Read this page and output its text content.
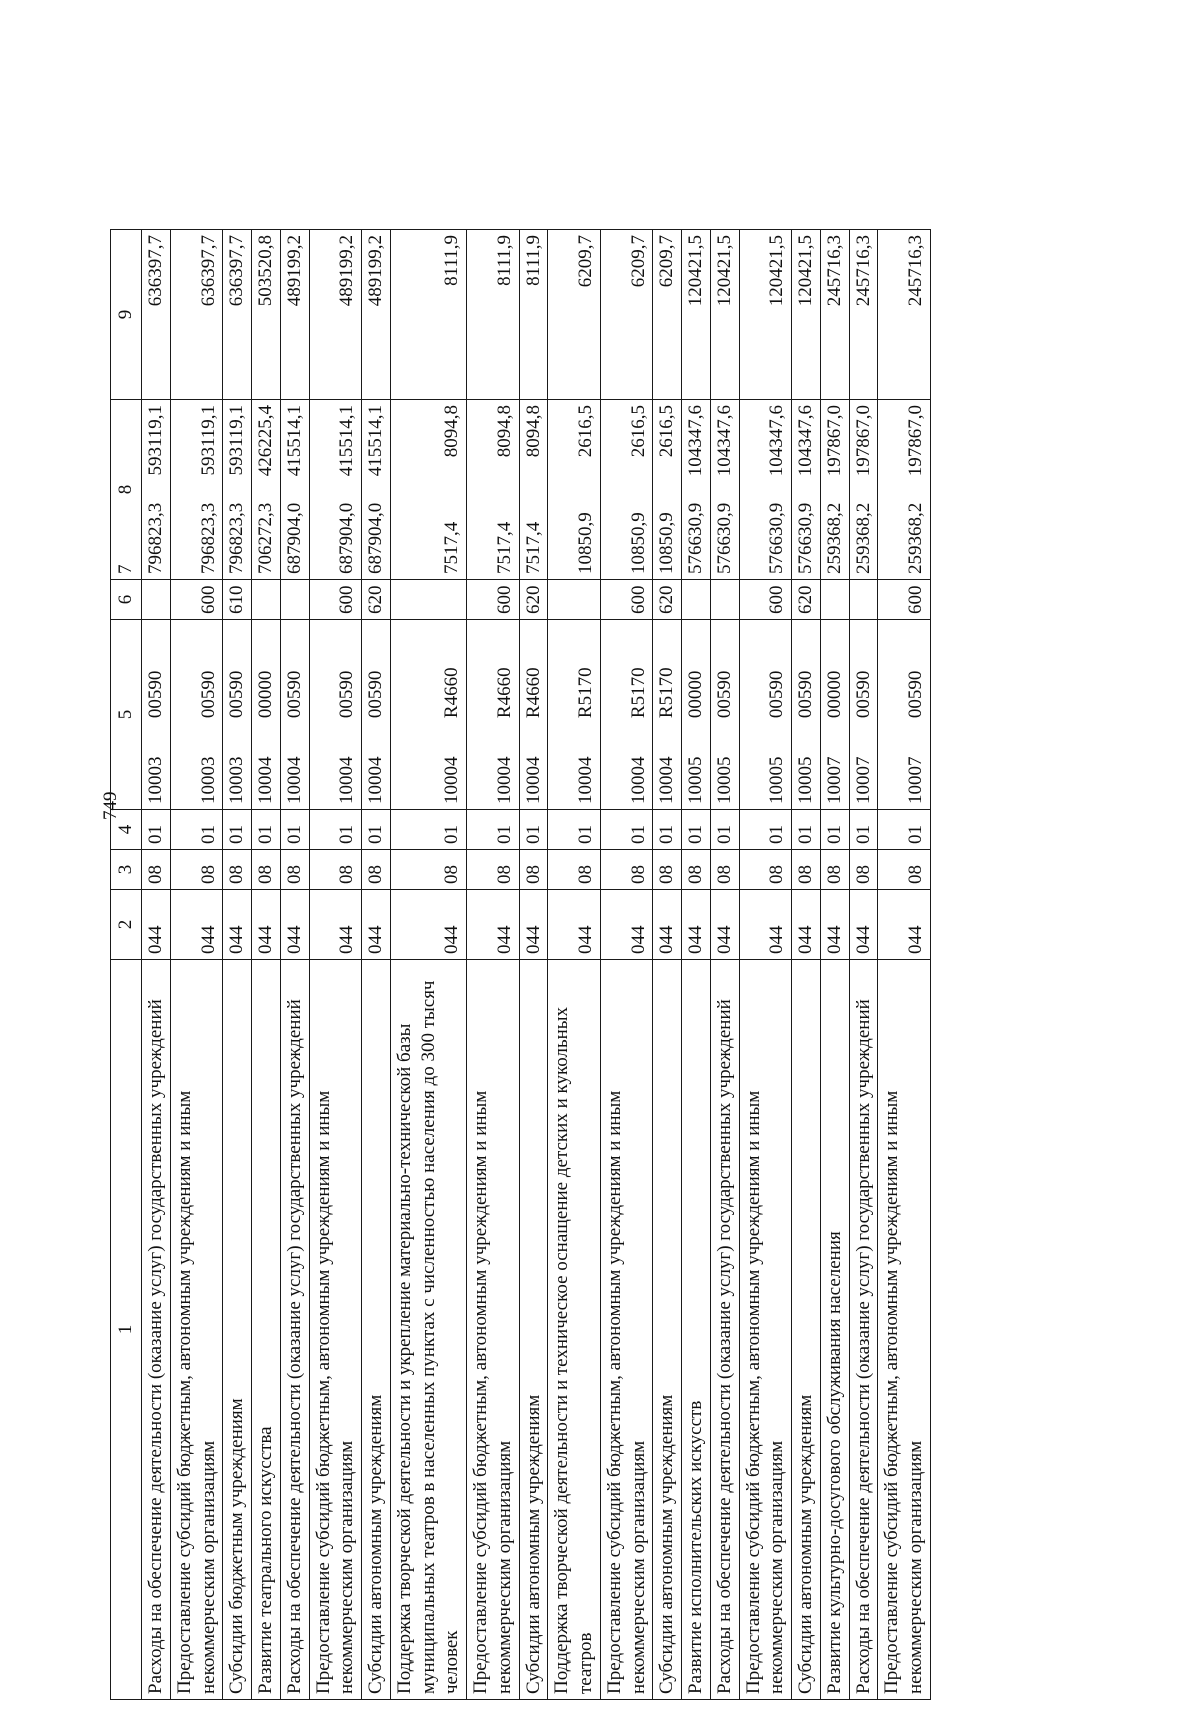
749
1	2	3	4	5	6	7	8	9
Расходы на обеспечение деятельности (оказание услуг) государственных учреждений	044	08	01	1000300590		796823,3	593119,1	636397,7
Предоставление субсидий бюджетным, автономным учреждениям и иным некоммерческим организациям	044	08	01	1000300590	600	796823,3	593119,1	636397,7
Субсидии бюджетным учреждениям	044	08	01	1000300590	610	796823,3	593119,1	636397,7
Развитие театрального искусства	044	08	01	1000400000		706272,3	426225,4	503520,8
Расходы на обеспечение деятельности (оказание услуг) государственных учреждений	044	08	01	1000400590		687904,0	415514,1	489199,2
Предоставление субсидий бюджетным, автономным учреждениям и иным некоммерческим организациям	044	08	01	1000400590	600	687904,0	415514,1	489199,2
Субсидии автономным учреждениям	044	08	01	1000400590	620	687904,0	415514,1	489199,2
Поддержка творческой деятельности и укрепление материально-технической базы муниципальных театров в населенных пунктах с численностью населения до 300 тысяч человек	044	08	01	10004R4660		7517,4	8094,8	8111,9
Предоставление субсидий бюджетным, автономным учреждениям и иным некоммерческим организациям	044	08	01	10004R4660	600	7517,4	8094,8	8111,9
Субсидии автономным учреждениям	044	08	01	10004R4660	620	7517,4	8094,8	8111,9
Поддержка творческой деятельности и техническое оснащение детских и кукольных театров	044	08	01	10004R5170		10850,9	2616,5	6209,7
Предоставление субсидий бюджетным, автономным учреждениям и иным некоммерческим организациям	044	08	01	10004R5170	600	10850,9	2616,5	6209,7
Субсидии автономным учреждениям	044	08	01	10004R5170	620	10850,9	2616,5	6209,7
Развитие исполнительских искусств	044	08	01	1000500000		576630,9	104347,6	120421,5
Расходы на обеспечение деятельности (оказание услуг) государственных учреждений	044	08	01	1000500590		576630,9	104347,6	120421,5
Предоставление субсидий бюджетным, автономным учреждениям и иным некоммерческим организациям	044	08	01	1000500590	600	576630,9	104347,6	120421,5
Субсидии автономным учреждениям	044	08	01	1000500590	620	576630,9	104347,6	120421,5
Развитие культурно-досугового обслуживания населения	044	08	01	1000700000		259368,2	197867,0	245716,3
Расходы на обеспечение деятельности (оказание услуг) государственных учреждений	044	08	01	1000700590		259368,2	197867,0	245716,3
Предоставление субсидий бюджетным, автономным учреждениям и иным некоммерческим организациям	044	08	01	1000700590	600	259368,2	197867,0	245716,3
